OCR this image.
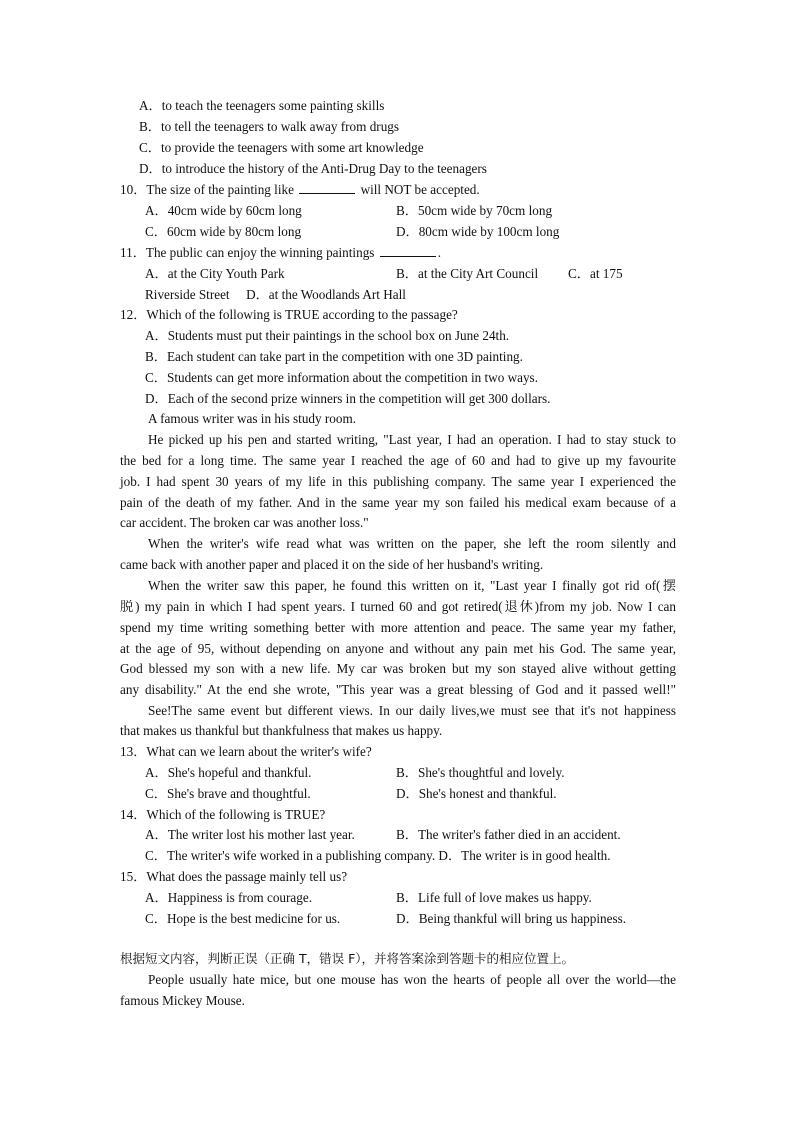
A．to teach the teenagers some painting skills

B．to tell the teenagers to walk away from drugs

C．to provide the teenagers with some art knowledge

D．to introduce the history of the Anti-Drug Day to the teenagers

10．The size of the painting like	will NOT be accepted.

A．40cm wide by 60cm long	B．50cm wide by 70cm long

C．60cm wide by 80cm long	D．80cm wide by 100cm long

11．The public can enjoy the winning paintings	.

A．at the City Youth Park	B．at the City Art Council C．at 175

Riverside Street D．at the Woodlands Art Hall

12．Which of the following is TRUE according to the passage?

A．Students must put their paintings in the school box on June 24th.

B．Each student can take part in the competition with one 3D painting.

C．Students can get more information about the competition in two ways.

D．Each of the second prize winners in the competition will get 300 dollars.

A famous writer was in his study room.

He picked up his pen and started writing, "Last year, I had an operation. I had to stay stuck to

the bed for a long time. The same year I reached the age of 60 and had to give up my favourite

job. I had spent 30 years of my life in this publishing company. The same year I experienced the

pain of the death of my father. And in the same year my son failed his medical exam because of a

car accident. The broken car was another loss."

When the writer's wife read what was written on the paper, she left the room silently and

came back with another paper and placed it on the side of her husband's writing.

When the writer saw this paper, he found this written on it, "Last year I finally got rid of(摆

脱) my pain in which I had spent years. I turned 60 and got retired(退休)from my job. Now I can

spend my time writing something better with more attention and peace. The same year my father,

at the age of 95, without depending on anyone and without any pain met his God. The same year,

God blessed my son with a new life. My car was broken but my son stayed alive without getting

any disability." At the end she wrote, "This year was a great blessing of God and it passed well!"

See!The same event but different views. In our daily lives,we must see that it's not happiness

that makes us thankful but thankfulness that makes us happy.

13．What can we learn about the writer's wife?

A．She's hopeful and thankful.	B．She's thoughtful and lovely.

C．She's brave and thoughtful.	D．She's honest and thankful.

14．Which of the following is TRUE?

A．The writer lost his mother last year.	B．The writer's father died in an accident.

C．The writer's wife worked in a publishing company. D．The writer is in good health.

15．What does the passage mainly tell us?

A．Happiness is from courage.	B．Life full of love makes us happy.

C．Hope is the best medicine for us.	D．Being thankful will bring us happiness.

根据短文内容，判断正误（正确 T，错误 F），并将答案涂到答题卡的相应位置上。

People usually hate mice, but one mouse has won the hearts of people all over the world—the

famous Mickey Mouse.
